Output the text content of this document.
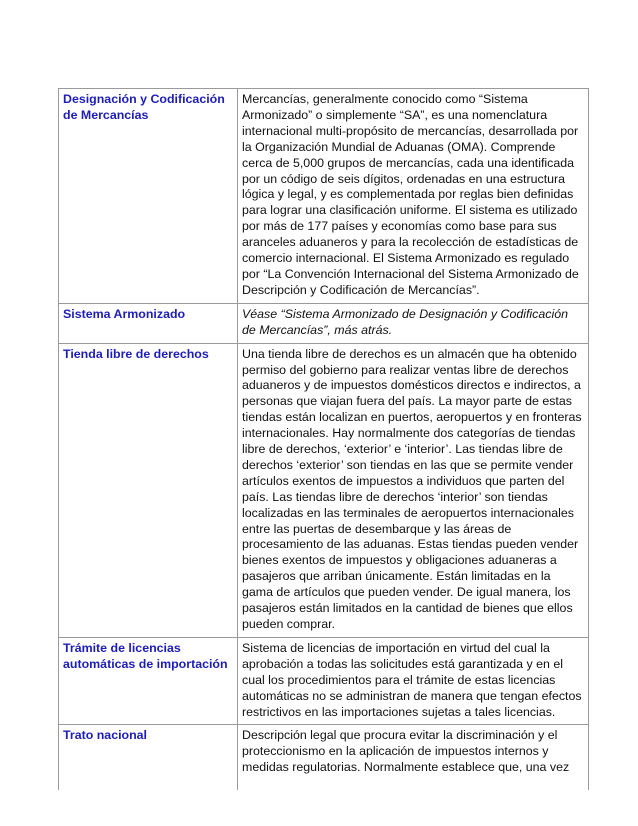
Designación y Codificación de Mercancías	Mercancías, generalmente conocido como “Sistema Armonizado” o simplemente “SA”, es una nomenclatura internacional multi-propósito de mercancías, desarrollada por la Organización Mundial de Aduanas (OMA). Comprende cerca de 5,000 grupos de mercancías, cada una identificada por un código de seis dígitos, ordenadas en una estructura lógica y legal, y es complementada por reglas bien definidas para lograr una clasificación uniforme. El sistema es utilizado por más de 177 países y economías como base para sus aranceles aduaneros y para la recolección de estadísticas de comercio internacional. El Sistema Armonizado es regulado por “La Convención Internacional del Sistema Armonizado de Descripción y Codificación de Mercancías”.
Sistema Armonizado	Véase “Sistema Armonizado de Designación y Codificación de Mercancías”, más atrás.
Tienda libre de derechos	Una tienda libre de derechos es un almacén que ha obtenido permiso del gobierno para realizar ventas libre de derechos aduaneros y de impuestos domésticos directos e indirectos, a personas que viajan fuera del país. La mayor parte de estas tiendas están localizan en puertos, aeropuertos y en fronteras internacionales. Hay normalmente dos categorías de tiendas libre de derechos, ‘exterior’ e ‘interior’. Las tiendas libre de derechos ‘exterior’ son tiendas en las que se permite vender artículos exentos de impuestos a individuos que parten del país. Las tiendas libre de derechos ‘interior’ son tiendas localizadas en las terminales de aeropuertos internacionales entre las puertas de desembarque y las áreas de procesamiento de las aduanas. Estas tiendas pueden vender bienes exentos de impuestos y obligaciones aduaneras a pasajeros que arriban únicamente. Están limitadas en la gama de artículos que pueden vender. De igual manera, los pasajeros están limitados en la cantidad de bienes que ellos pueden comprar.
Trámite de licencias automáticas de importación	Sistema de licencias de importación en virtud del cual la aprobación a todas las solicitudes está garantizada y en el cual los procedimientos para el trámite de estas licencias automáticas no se administran de manera que tengan efectos restrictivos en las importaciones sujetas a tales licencias.
Trato nacional	Descripción legal que procura evitar la discriminación y el proteccionismo en la aplicación de impuestos internos y medidas regulatorias. Normalmente establece que, una vez
